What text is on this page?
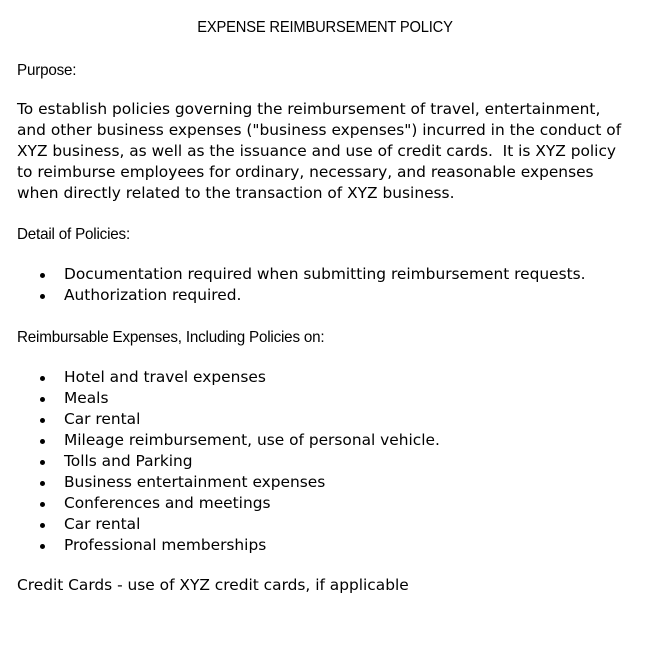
EXPENSE REIMBURSEMENT POLICY
Purpose:
To establish policies governing the reimbursement of travel, entertainment,
and other business expenses ("business expenses") incurred in the conduct of
XYZ business, as well as the issuance and use of credit cards.  It is XYZ policy
to reimburse employees for ordinary, necessary, and reasonable expenses
when directly related to the transaction of XYZ business.
Detail of Policies:
Documentation required when submitting reimbursement requests.
Authorization required.
Reimbursable Expenses, Including Policies on:
Hotel and travel expenses
Meals
Car rental
Mileage reimbursement, use of personal vehicle.
Tolls and Parking
Business entertainment expenses
Conferences and meetings
Car rental
Professional memberships
Credit Cards - use of XYZ credit cards, if applicable
